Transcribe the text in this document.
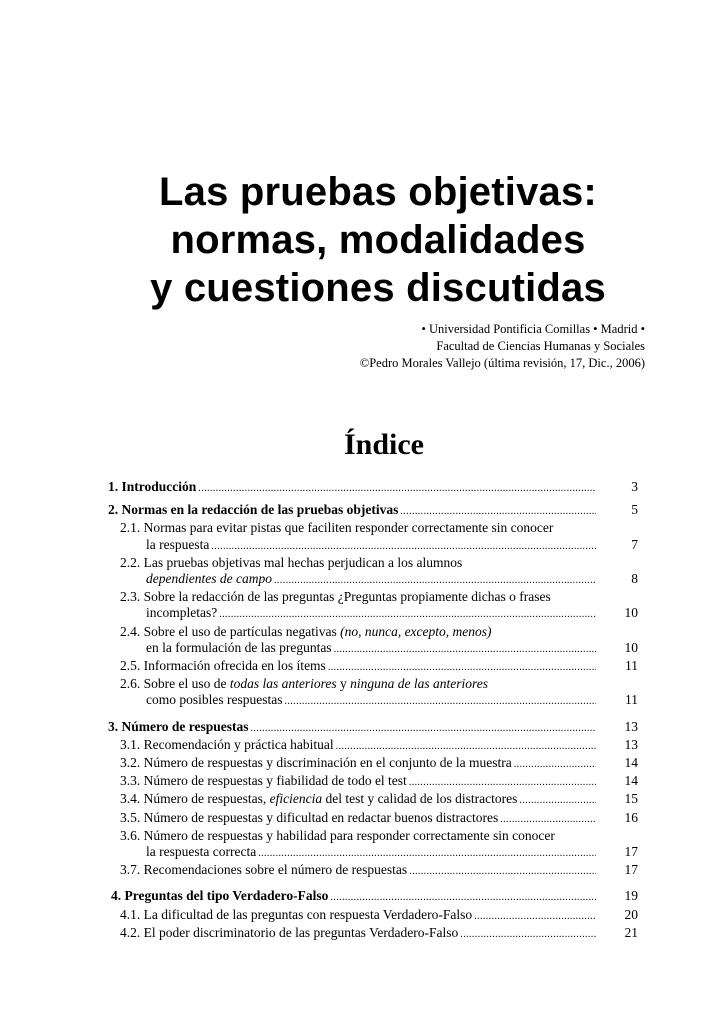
Las pruebas objetivas:
normas, modalidades
y cuestiones discutidas
• Universidad Pontificia Comillas • Madrid •
Facultad de Ciencias Humanas y Sociales
©Pedro Morales Vallejo (última revisión, 17, Dic., 2006)
Índice
1. Introducción .....	3
2. Normas en la redacción de las pruebas objetivas .....	5
2.1. Normas para evitar pistas que faciliten responder correctamente sin conocer
la respuesta .....	7
2.2. Las pruebas objetivas mal hechas perjudican a los alumnos
dependientes de campo .....	8
2.3. Sobre la redacción de las preguntas ¿Preguntas propiamente dichas o frases
incompletas? .....	10
2.4. Sobre el uso de partículas negativas (no, nunca, excepto, menos)
en la formulación de las preguntas .....	10
2.5. Información ofrecida en los ítems .....	11
2.6. Sobre el uso de todas las anteriores y ninguna de las anteriores
como posibles respuestas .....	11
3. Número de respuestas .....	13
3.1. Recomendación y práctica habitual .....	13
3.2. Número de respuestas y discriminación en el conjunto de la muestra .....	14
3.3. Número de respuestas y fiabilidad de todo el test .....	14
3.4. Número de respuestas, eficiencia del test y calidad de los distractores .....	15
3.5. Número de respuestas y dificultad en redactar buenos distractores .....	16
3.6. Número de respuestas y habilidad para responder correctamente sin conocer
la respuesta correcta .....	17
3.7. Recomendaciones sobre el número de respuestas .....	17
4. Preguntas del tipo Verdadero-Falso .....	19
4.1. La dificultad de las preguntas con respuesta Verdadero-Falso .....	20
4.2. El poder discriminatorio de las preguntas Verdadero-Falso .....	21
